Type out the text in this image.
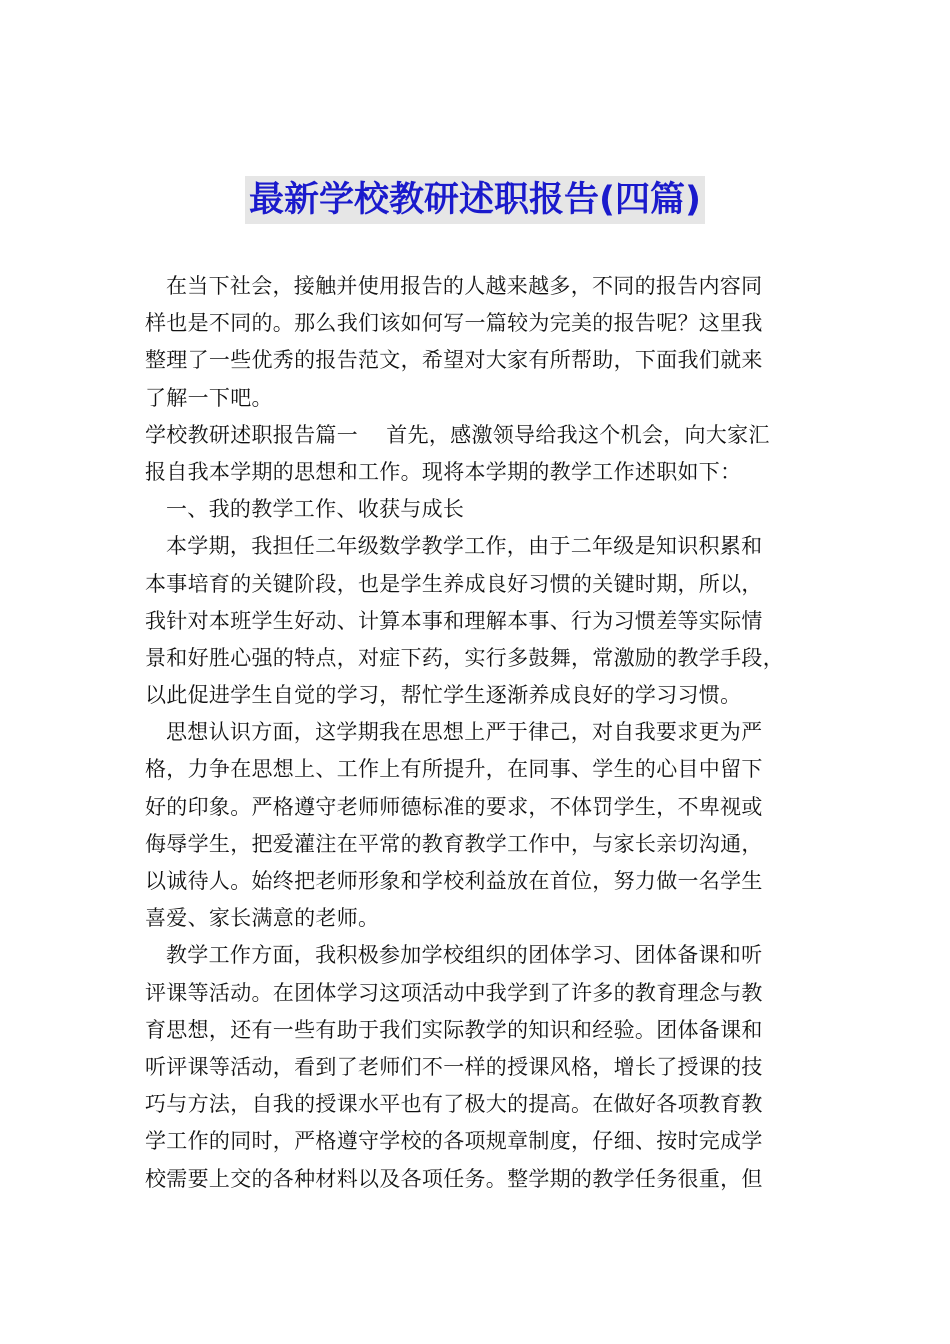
最新学校教研述职报告(四篇)
在当下社会，接触并使用报告的人越来越多，不同的报告内容同
样也是不同的。那么我们该如何写一篇较为完美的报告呢？这里我
整理了一些优秀的报告范文，希望对大家有所帮助，下面我们就来
了解一下吧。
学校教研述职报告篇一　 首先，感激领导给我这个机会，向大家汇
报自我本学期的思想和工作。现将本学期的教学工作述职如下：
一、我的教学工作、收获与成长
本学期，我担任二年级数学教学工作，由于二年级是知识积累和
本事培育的关键阶段，也是学生养成良好习惯的关键时期，所以，
我针对本班学生好动、计算本事和理解本事、行为习惯差等实际情
景和好胜心强的特点，对症下药，实行多鼓舞，常激励的教学手段，
以此促进学生自觉的学习，帮忙学生逐渐养成良好的学习习惯。
思想认识方面，这学期我在思想上严于律己，对自我要求更为严
格，力争在思想上、工作上有所提升，在同事、学生的心目中留下
好的印象。严格遵守老师师德标准的要求，不体罚学生，不卑视或
侮辱学生，把爱灌注在平常的教育教学工作中，与家长亲切沟通，
以诚待人。始终把老师形象和学校利益放在首位，努力做一名学生
喜爱、家长满意的老师。
教学工作方面，我积极参加学校组织的团体学习、团体备课和听
评课等活动。在团体学习这项活动中我学到了许多的教育理念与教
育思想，还有一些有助于我们实际教学的知识和经验。团体备课和
听评课等活动，看到了老师们不一样的授课风格，增长了授课的技
巧与方法，自我的授课水平也有了极大的提高。在做好各项教育教
学工作的同时，严格遵守学校的各项规章制度，仔细、按时完成学
校需要上交的各种材料以及各项任务。整学期的教学任务很重，但
